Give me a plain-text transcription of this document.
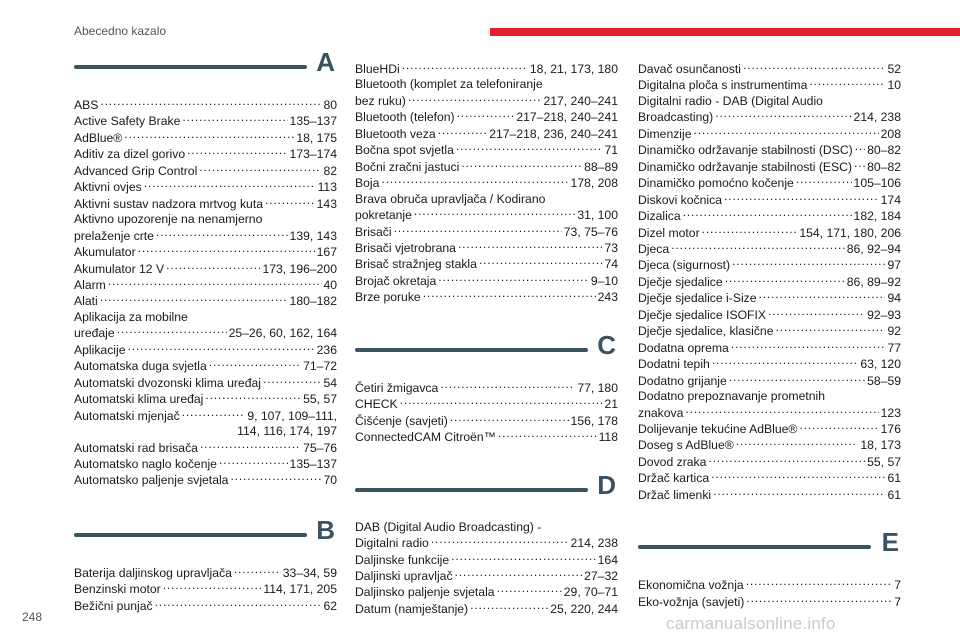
Abecedno kazalo
A
ABS . . .	80
Active Safety Brake . . .	135–137
AdBlue® . . .	18, 175
Aditiv za dizel gorivo . . .	173–174
Advanced Grip Control . . .	82
Aktivni ovjes . . .	113
Aktivni sustav nadzora mrtvog kuta . . .	143
Aktivno upozorenje na nenamjerno
prelaženje crte . . .	139, 143
Akumulator . . .	167
Akumulator 12 V . . .	173, 196–200
Alarm . . .	40
Alati . . .	180–182
Aplikacija za mobilne
uređaje . . .	25–26, 60, 162, 164
Aplikacije . . .	236
Automatska duga svjetla . . .	71–72
Automatski dvozonski klima uređaj . . .	54
Automatski klima uređaj . . .	55, 57
Automatski mjenjač . . .	9, 107, 109–111,
114, 116, 174, 197
Automatski rad brisača . . .	75–76
Automatsko naglo kočenje . . .	135–137
Automatsko paljenje svjetala . . .	70
B
Baterija daljinskog upravljača . . .	33–34, 59
Benzinski motor . . .	114, 171, 205
Bežični punjač . . .	62
BlueHDi . . .	18, 21, 173, 180
Bluetooth (komplet za telefoniranje
bez ruku) . . .	217, 240–241
Bluetooth (telefon) . . .	217–218, 240–241
Bluetooth veza . . .	217–218, 236, 240–241
Bočna spot svjetla . . .	71
Bočni zračni jastuci . . .	88–89
Boja . . .	178, 208
Brava obruča upravljača / Kodirano
pokretanje . . .	31, 100
Brisači . . .	73, 75–76
Brisači vjetrobrana . . .	73
Brisač stražnjeg stakla . . .	74
Brojač okretaja . . .	9–10
Brze poruke . . .	243
C
Četiri žmigavca . . .	77, 180
CHECK . . .	21
Čišćenje (savjeti) . . .	156, 178
ConnectedCAM Citroën™ . . .	118
D
DAB (Digital Audio Broadcasting) -
Digitalni radio . . .	214, 238
Daljinske funkcije . . .	164
Daljinski upravljač . . .	27–32
Daljinsko paljenje svjetala . . .	29, 70–71
Datum (namještanje) . . .	25, 220, 244
Davač osunčanosti . . .	52
Digitalna ploča s instrumentima . . .	10
Digitalni radio - DAB (Digital Audio
Broadcasting) . . .	214, 238
Dimenzije . . .	208
Dinamičko održavanje stabilnosti (DSC) . . . 80–82
Dinamičko održavanje stabilnosti (ESC) . . . 80–82
Dinamičko pomoćno kočenje . . .	105–106
Diskovi kočnica . . .	174
Dizalica . . .	182, 184
Dizel motor . . .	154, 171, 180, 206
Djeca . . .	86, 92–94
Djeca (sigurnost) . . .	97
Dječje sjedalice . . .	86, 89–92
Dječje sjedalice i-Size . . .	94
Dječje sjedalice ISOFIX . . .	92–93
Dječje sjedalice, klasične . . .	92
Dodatna oprema . . .	77
Dodatni tepih . . .	63, 120
Dodatno grijanje . . .	58–59
Dodatno prepoznavanje prometnih
znakova . . .	123
Dolijevanje tekućine AdBlue® . . .	176
Doseg s AdBlue® . . .	18, 173
Dovod zraka . . .	55, 57
Držač kartica . . .	61
Držač limenki . . .	61
E
Ekonomična vožnja . . .	7
Eko-vožnja (savjeti) . . .	7
248	carmanualsonline.info
